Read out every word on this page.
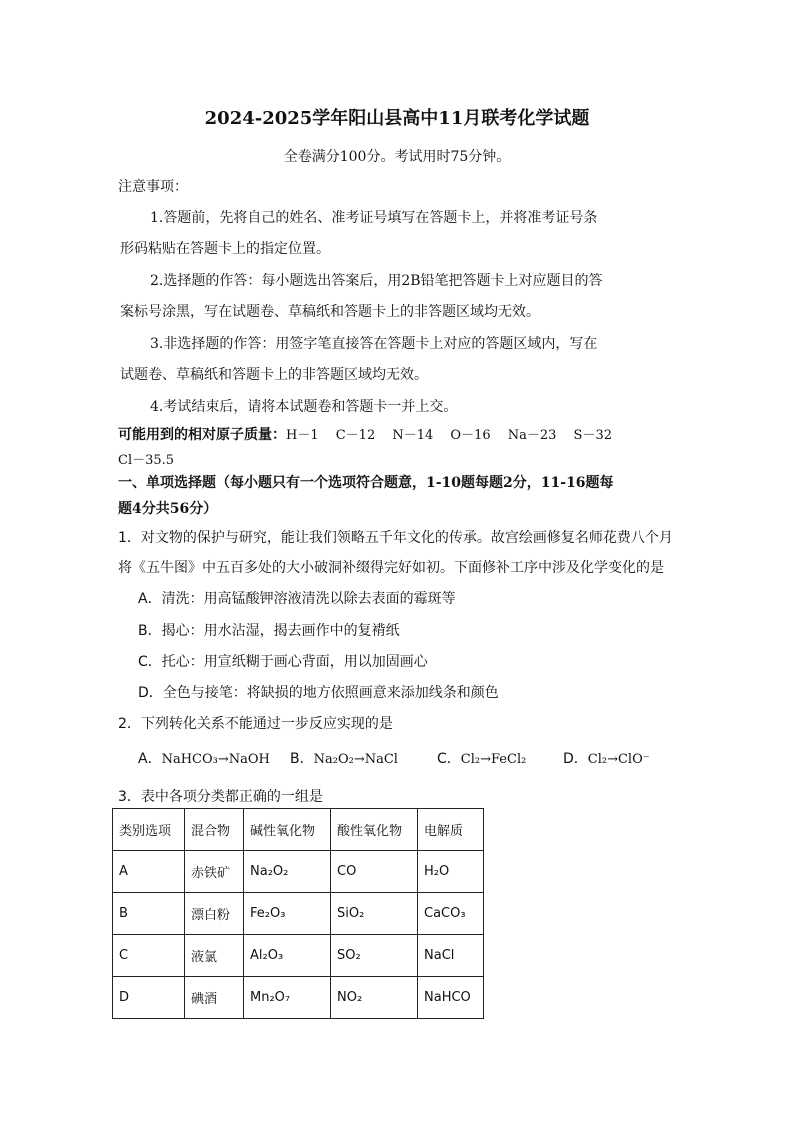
2024-2025学年阳山县高中11月联考化学试题
全卷满分100分。考试用时75分钟。
注意事项：
1.答题前，先将自己的姓名、准考证号填写在答题卡上，并将准考证号条
形码粘贴在答题卡上的指定位置。
2.选择题的作答：每小题选出答案后，用2B铅笔把答题卡上对应题目的答
案标号涂黑，写在试题卷、草稿纸和答题卡上的非答题区域均无效。
3.非选择题的作答：用签字笔直接答在答题卡上对应的答题区域内，写在
试题卷、草稿纸和答题卡上的非答题区域均无效。
4.考试结束后，请将本试题卷和答题卡一并上交。
可能用到的相对原子质量：H－1　 C－12　 N－14　 O－16　 Na－23　 S－32
Cl－35.5
一、单项选择题（每小题只有一个选项符合题意，1-10题每题2分，11-16题每
题4分共56分）
1．对文物的保护与研究，能让我们领略五千年文化的传承。故宫绘画修复名师花费八个月
将《五牛图》中五百多处的大小破洞补缀得完好如初。下面修补工序中涉及化学变化的是
A．清洗：用高锰酸钾溶液清洗以除去表面的霉斑等
B．揭心：用水沾湿，揭去画作中的复褙纸
C．托心：用宣纸糊于画心背面，用以加固画心
D．全色与接笔：将缺损的地方依照画意来添加线条和颜色
2．下列转化关系不能通过一步反应实现的是
A．NaHCO₃→NaOH B．Na₂O₂→NaCl	C．Cl₂→FeCl₂	D．Cl₂→ClO⁻
3．表中各项分类都正确的一组是
类别选项	混合物	碱性氧化物	酸性氧化物	电解质
A	赤铁矿	Na₂O₂	CO	H₂O
B	漂白粉	Fe₂O₃	SiO₂	CaCO₃
C	液氯	Al₂O₃	SO₂	NaCl
D	碘酒	Mn₂O₇	NO₂	NaHCO
